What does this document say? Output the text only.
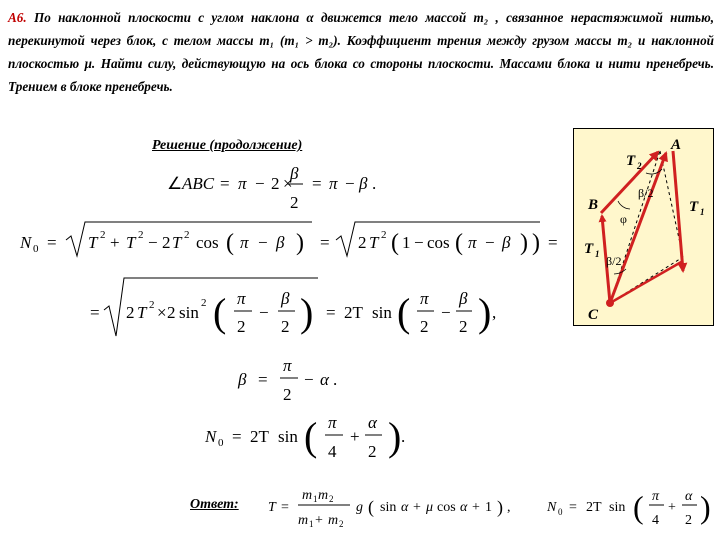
А6. По наклонной плоскости с углом наклона α движется тело массой m₂ , связанное нерастяжимой нитью, перекинутой через блок, с телом массы m₁ (m₁ > m₂). Коэффициент трения между грузом массы m₂ и наклонной плоскостью μ. Найти силу, действующую на ось блока со стороны плоскости. Массами блока и нити пренебречь. Трением в блоке пренебречь.
Решение (продолжение)
∠ ABC = π − 2 ×
β
2
= π − β .
N 0 = T 2 + T 2 − 2 T 2 cos ( π − β ) = 2 T 2 ( 1 − cos ( π − β ) ) =
= 2 T 2 × 2 sin 2 ( π
2
−
β
2 ) = 2T sin ( π
2
−
β
2 ) ,
β =
π
2
− α .
N 0 = 2T sin ( π
4
+
α
2 ) .
T =
m 1 m 2
m 1 + m 2
g ( sin α + μ cos α + 1 ) ,	N 0 = 2T sin ( π
4
+
α
2 )
Ответ:
A
B
C
T 2
T 1
T 1
β/2
β/2
φ
